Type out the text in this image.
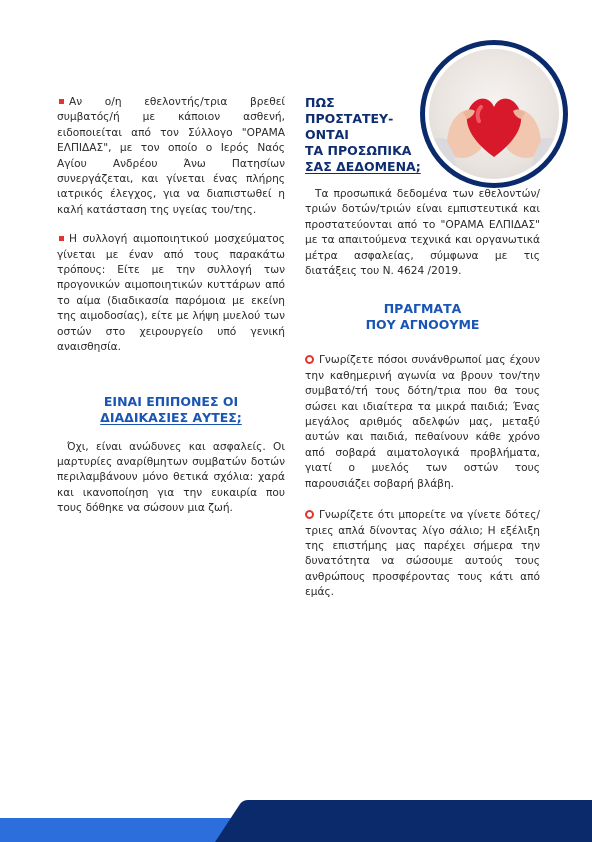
Αν ο/η εθελοντής/τρια βρεθεί συμβατός/ή με κάποιον ασθενή, ειδοποιείται από τον Σύλλογο "ΟΡΑΜΑ ΕΛΠΙΔΑΣ", με τον οποίο ο Ιερός Ναός Αγίου Ανδρέου Άνω Πατησίων συνεργάζεται, και γίνεται ένας πλήρης ιατρικός έλεγχος, για να διαπιστωθεί η καλή κατάσταση της υγείας του/της.

Η συλλογή αιμοποιητικού μοσχεύματος γίνεται με έναν από τους παρακάτω τρόπους: Είτε με την συλλογή των προγονικών αιμοποιητικών κυττάρων από το αίμα (διαδικασία παρόμοια με εκείνη της αιμοδοσίας), είτε με λήψη μυελού των οστών στο χειρουργείο υπό γενική αναισθησία.

ΕΙΝΑΙ ΕΠΙΠΟΝΕΣ ΟΙ
ΔΙΑΔΙΚΑΣΙΕΣ ΑΥΤΕΣ;

Όχι, είναι ανώδυνες και ασφαλείς. Οι μαρτυρίες αναρίθμητων συμβατών δοτών περιλαμβάνουν μόνο θετικά σχόλια: χαρά και ικανοποίηση για την ευκαιρία που τους δόθηκε να σώσουν μια ζωή.

ΠΩΣ
ΠΡΟΣΤΑΤΕΥ-
ΟΝΤΑΙ
ΤΑ ΠΡΟΣΩΠΙΚΑ
ΣΑΣ ΔΕΔΟΜΕΝΑ;

Τα προσωπικά δεδομένα των εθελοντών/τριών δοτών/τριών είναι εμπιστευτικά και προστατεύονται από το "ΟΡΑΜΑ ΕΛΠΙΔΑΣ" με τα απαιτούμενα τεχνικά και οργανωτικά μέτρα ασφαλείας, σύμφωνα με τις διατάξεις του Ν. 4624 /2019.

ΠΡΑΓΜΑΤΑ
ΠΟΥ ΑΓΝΟΟΥΜΕ

Γνωρίζετε πόσοι συνάνθρωποί μας έχουν την καθημερινή αγωνία να βρουν τον/την συμβατό/τή τους δότη/τρια που θα τους σώσει και ιδιαίτερα τα μικρά παιδιά; Ένας μεγάλος αριθμός αδελφών μας, μεταξύ αυτών και παιδιά, πεθαίνουν κάθε χρόνο από σοβαρά αιματολογικά προβλήματα, γιατί ο μυελός των οστών τους παρουσιάζει σοβαρή βλάβη.

Γνωρίζετε ότι μπορείτε να γίνετε δότες/τριες απλά δίνοντας λίγο σάλιο; Η εξέλιξη της επιστήμης μας παρέχει σήμερα την δυνατότητα να σώσουμε αυτούς τους ανθρώπους προσφέροντας τους κάτι από εμάς.
